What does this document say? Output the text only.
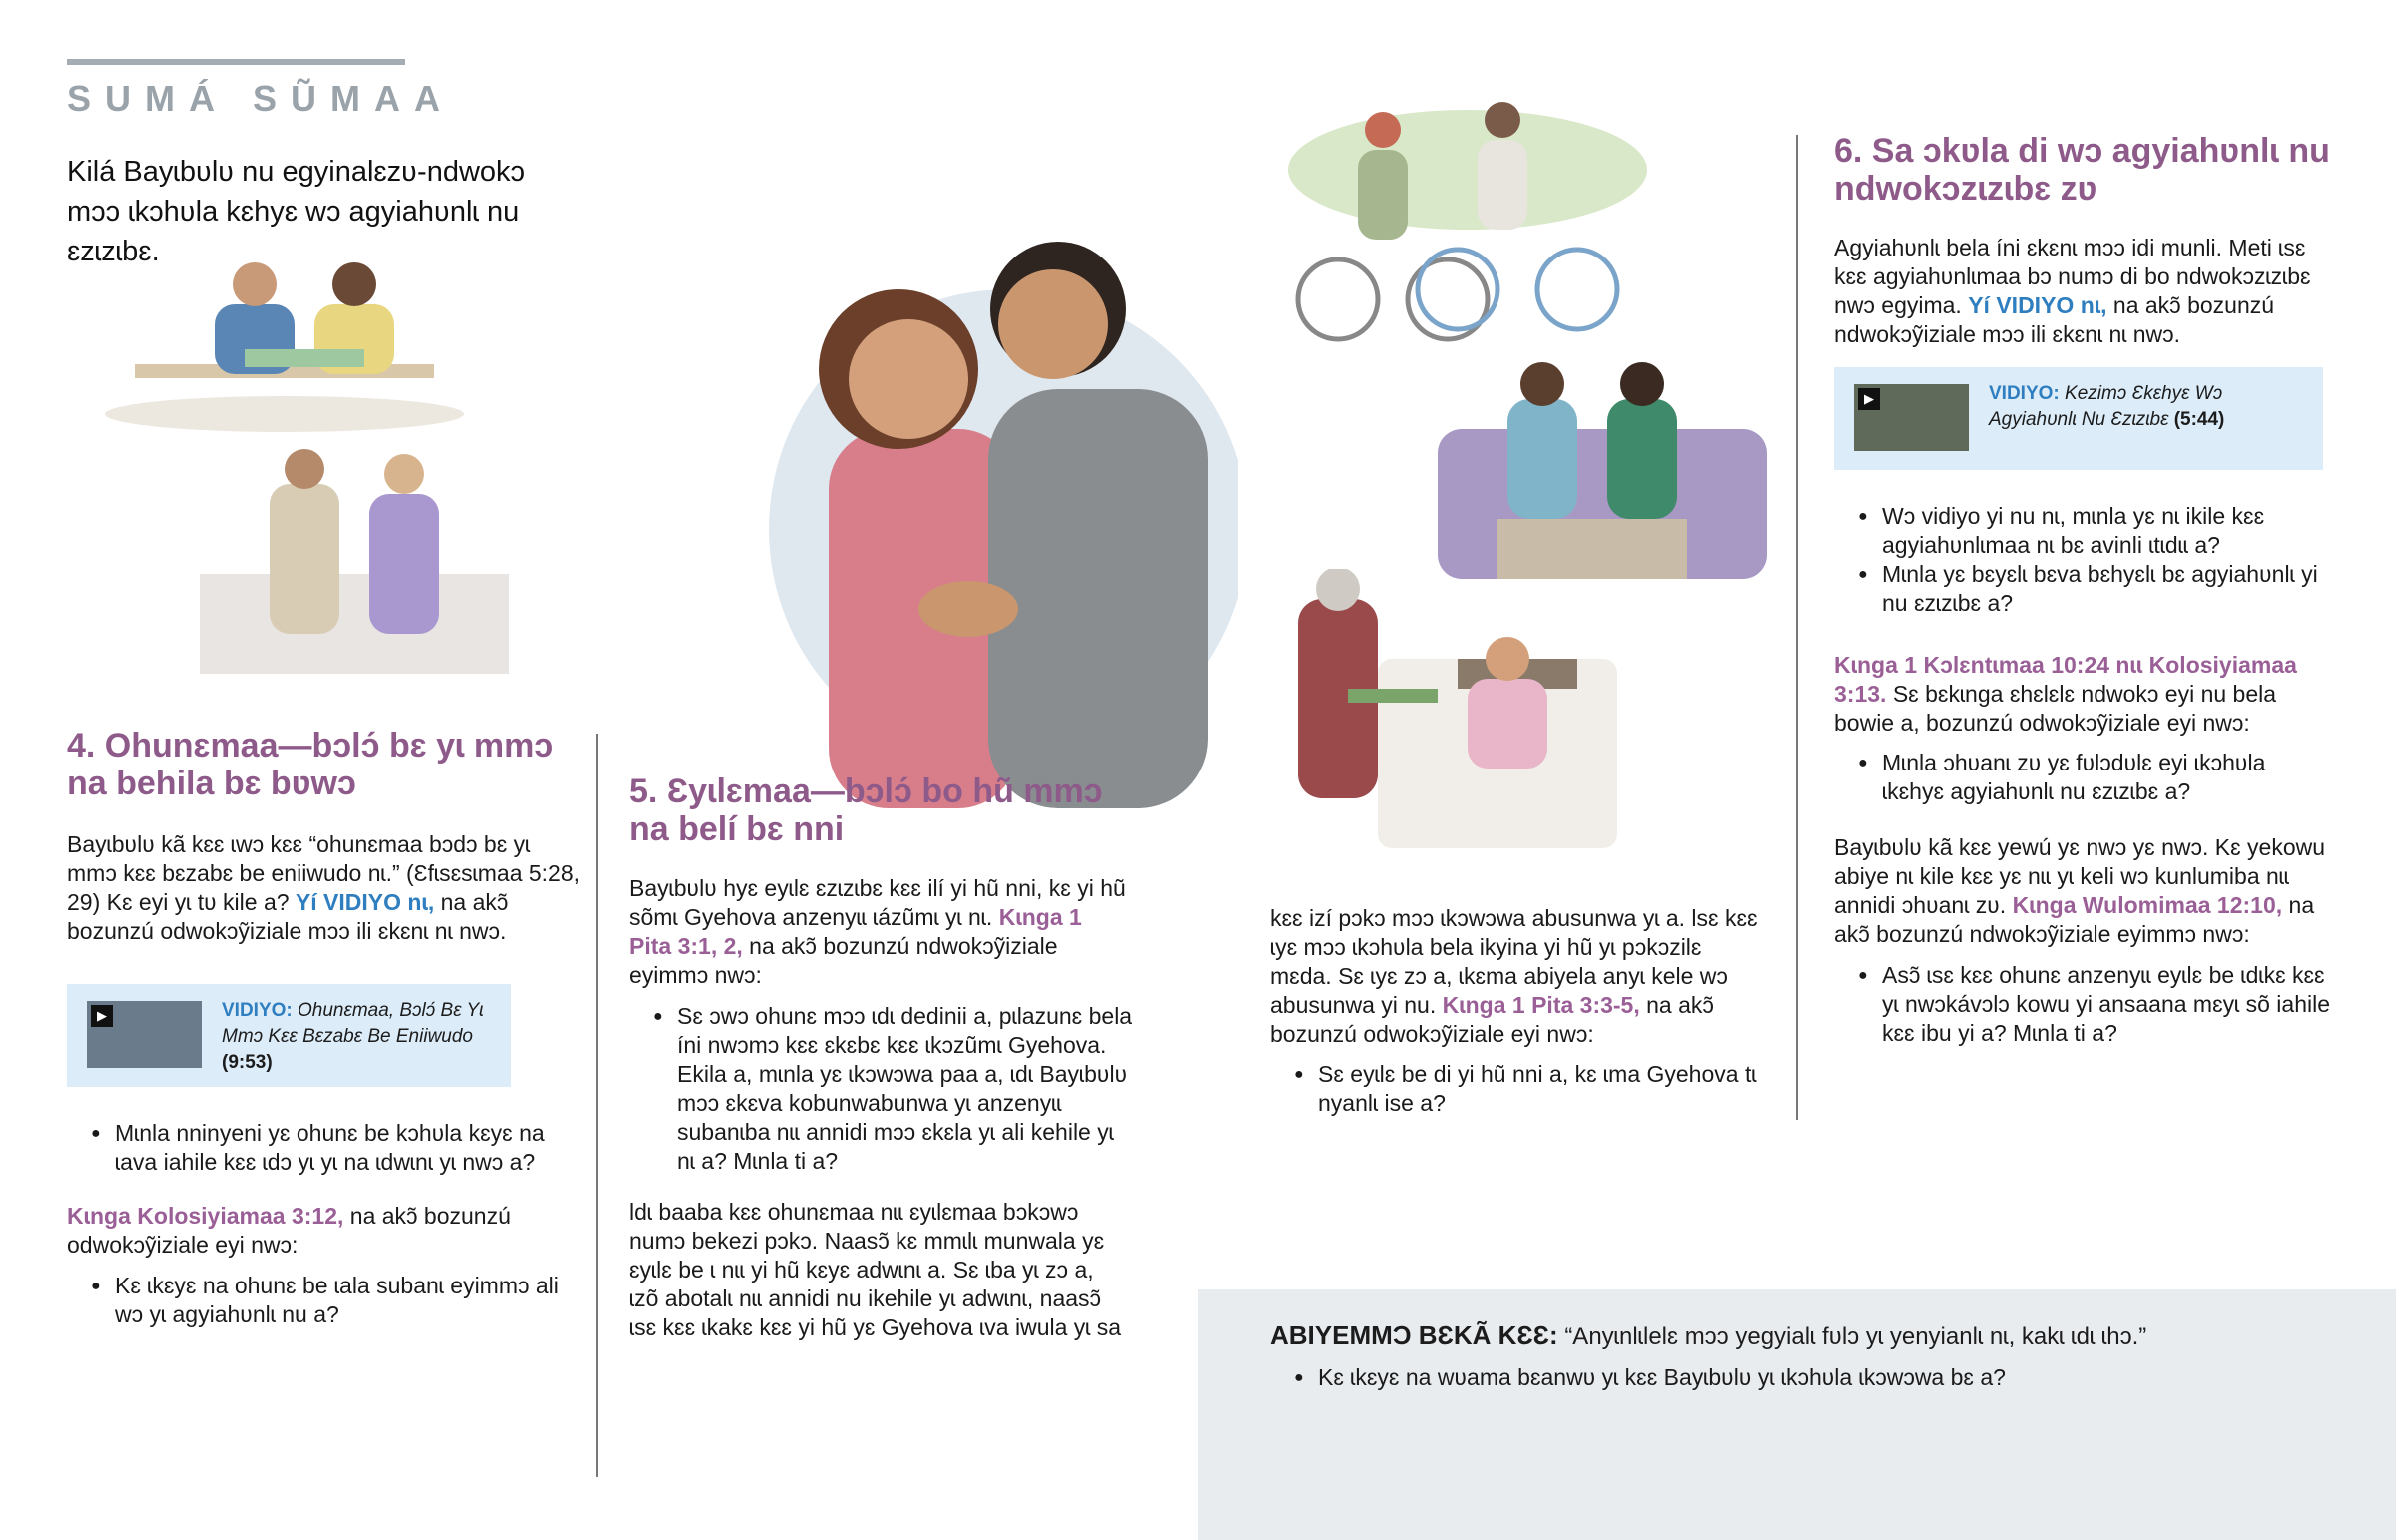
SUMÁ SŨMAA
Kilá Bayɩbʋlʋ nu egyinalɛzʋ-ndwokɔ mɔɔ ɩkɔhʋla kɛhyɛ wɔ agyiahʋnlɩ nu ɛzɩzɩbɛ.
4. Ohunɛmaa—bɔlɔ́ bɛ yɩ mmɔ na behila bɛ bʋwɔ
Bayɩbʋlʋ kã kɛɛ ɩwɔ kɛɛ “ohunɛmaa bɔdɔ bɛ yɩ mmɔ kɛɛ bɛzabɛ be eniiwudo nɩ.” (Ɛfɩsɛsɩmaa 5:28, 29) Kɛ eyi yɩ tʋ kile a? Yí VIDIYO nɩ, na akɔ̃ bozunzú odwokɔỹiziale mɔɔ ili ɛkɛnɩ nɩ nwɔ.
▶	VIDIYO: Ohunɛmaa, Bɔlɔ́ Bɛ Yɩ Mmɔ Kɛɛ Bɛzabɛ Be Eniiwudo (9:53)
● Mɩnla nninyeni yɛ ohunɛ be kɔhʋla kɛyɛ na ɩava iahile kɛɛ ɩdɔ yɩ yɩ na ɩdwɩnɩ yɩ nwɔ a?
Kɩnga Kolosiyiamaa 3:12, na akɔ̃ bozunzú odwokɔỹiziale eyi nwɔ:
● Kɛ ɩkɛyɛ na ohunɛ be ɩala subanɩ eyimmɔ ali wɔ yɩ agyiahʋnlɩ nu a?
5. Ɛyɩlɛmaa—bɔlɔ́ bo hũ mmɔ na belí bɛ nni
Bayɩbʋlʋ hyɛ eyɩlɛ ɛzɩzɩbɛ kɛɛ ilí yi hũ nni, kɛ yi hũ sõmɩ Gyehova anzenyɩɩ ɩázũmɩ yɩ nɩ. Kɩnga 1 Pita 3:1, 2, na akɔ̃ bozunzú ndwokɔỹiziale eyimmɔ nwɔ:
● Sɛ ɔwɔ ohunɛ mɔɔ ɩdɩ dedinii a, pɩlazunɛ bela íni nwɔmɔ kɛɛ ɛkɛbɛ kɛɛ ɩkɔzũmɩ Gyehova. Ekila a, mɩnla yɛ ɩkɔwɔwa paa a, ɩdɩ Bayɩbʋlʋ mɔɔ ɛkɛva kobunwabunwa yɩ anzenyɩɩ subanɩba nɩɩ annidi mɔɔ ɛkɛla yɩ ali kehile yɩ nɩ a? Mɩnla ti a?
Ɩdɩ baaba kɛɛ ohunɛmaa nɩɩ ɛyɩlɛmaa bɔkɔwɔ numɔ bekezi pɔkɔ. Naasɔ̃ kɛ mmɩlɩ munwala yɛ ɛyɩlɛ be ɩ nɩɩ yi hũ kɛyɛ adwɩnɩ a. Sɛ ɩba yɩ zɔ a, ɩzõ abotalɩ nɩɩ annidi nu ikehile yɩ adwɩnɩ, naasɔ̃ ɩsɛ kɛɛ ɩkakɛ kɛɛ yi hũ yɛ Gyehova ɩva iwula yɩ sa
kɛɛ izí pɔkɔ mɔɔ ɩkɔwɔwa abusunwa yɩ a. Ɩsɛ kɛɛ ɩyɛ mɔɔ ɩkɔhʋla bela ikyina yi hũ yɩ pɔkɔzilɛ mɛda. Sɛ ɩyɛ zɔ a, ɩkɛma abiyela anyɩ kele wɔ abusunwa yi nu. Kɩnga 1 Pita 3:3-5, na akɔ̃ bozunzú odwokɔỹiziale eyi nwɔ:
● Sɛ eyɩlɛ be di yi hũ nni a, kɛ ɩma Gyehova tɩ nyanlɩ ise a?
6. Sa ɔkʋla di wɔ agyiahʋnlɩ nu ndwokɔzɩzɩbɛ zʋ
Agyiahʋnlɩ bela íni ɛkɛnɩ mɔɔ idi munli. Meti ɩsɛ kɛɛ agyiahʋnlɩmaa bɔ numɔ di bo ndwokɔzɩzɩbɛ nwɔ egyima. Yí VIDIYO nɩ, na akɔ̃ bozunzú ndwokɔỹiziale mɔɔ ili ɛkɛnɩ nɩ nwɔ.
▶	VIDIYO: Kezimɔ Ɛkɛhyɛ Wɔ Agyiahʋnlɩ Nu Ɛzɩzɩbɛ (5:44)
● Wɔ vidiyo yi nu nɩ, mɩnla yɛ nɩ ikile kɛɛ agyiahʋnlɩmaa nɩ bɛ avinli ɩtɩdɩɩ a?
● Mɩnla yɛ bɛyɛlɩ bɛva bɛhyɛlɩ bɛ agyiahʋnlɩ yi nu ɛzɩzɩbɛ a?
Kɩnga 1 Kɔlɛntɩmaa 10:24 nɩɩ Kolosiyiamaa 3:13. Sɛ bɛkɩnga ɛhɛlɛlɛ ndwokɔ eyi nu bela bowie a, bozunzú odwokɔỹiziale eyi nwɔ:
● Mɩnla ɔhʋanɩ zʋ yɛ fʋlɔdʋlɛ eyi ɩkɔhʋla ɩkɛhyɛ agyiahʋnlɩ nu ɛzɩzɩbɛ a?
Bayɩbʋlʋ kã kɛɛ yewú yɛ nwɔ yɛ nwɔ. Kɛ yekowu abiye nɩ kile kɛɛ yɛ nɩɩ yɩ keli wɔ kunlumiba nɩɩ annidi ɔhʋanɩ zʋ. Kɩnga Wulomimaa 12:10, na akɔ̃ bozunzú ndwokɔỹiziale eyimmɔ nwɔ:
● Asɔ̃ ɩsɛ kɛɛ ohunɛ anzenyɩɩ eyɩlɛ be ɩdɩkɛ kɛɛ yɩ nwɔkávɔlɔ kowu yi ansaana mɛyɩ sõ iahile kɛɛ ibu yi a? Mɩnla ti a?
ABIYEMMƆ BƐKÃ KƐƐ: “Anyɩnlɩlelɛ mɔɔ yegyialɩ fʋlɔ yɩ yenyianlɩ nɩ, kakɩ ɩdɩ ɩhɔ.”
● Kɛ ɩkɛyɛ na wʋama bɛanwʋ yɩ kɛɛ Bayɩbʋlʋ yɩ ɩkɔhʋla ɩkɔwɔwa bɛ a?
